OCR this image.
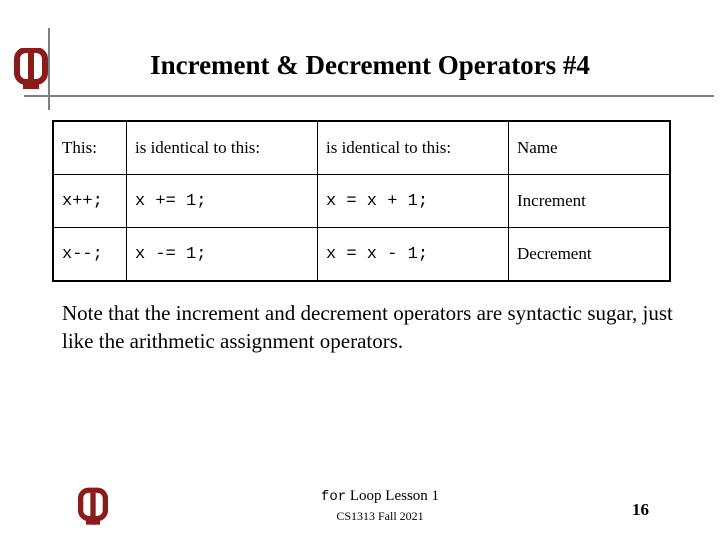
Increment & Decrement Operators #4
This:	is identical to this:	is identical to this:	Name
x++;	x += 1;	x = x + 1;	Increment
x--;	x -= 1;	x = x - 1;	Decrement
Note that the increment and decrement operators are syntactic sugar, just like the arithmetic assignment operators.
for Loop Lesson 1
CS1313 Fall 2021	16
